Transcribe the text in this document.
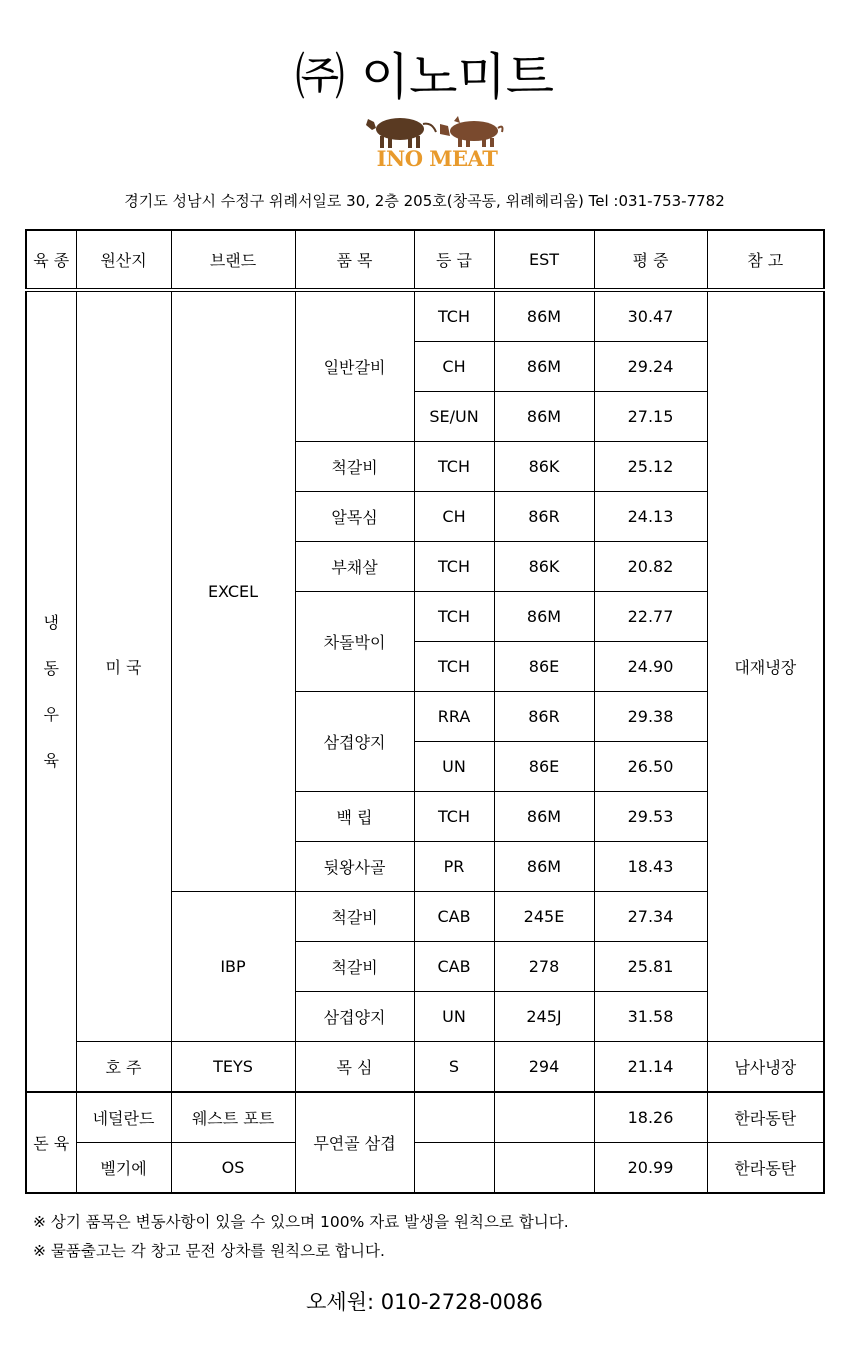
㈜ 이노미트
INO MEAT
경기도 성남시 수정구 위례서일로 30, 2층 205호(창곡동, 위례헤리움) Tel :031-753-7782
육 종	원산지	브랜드	품 목	등 급	EST	평 중	참 고

냉
동
우
육	미 국	EXCEL	일반갈비	TCH	86M	30.47	대재냉장
				CH	86M	29.24	
				SE/UN	86M	27.15	
			척갈비	TCH	86K	25.12	
			알목심	CH	86R	24.13	
			부채살	TCH	86K	20.82	
			차돌박이	TCH	86M	22.77	
				TCH	86E	24.90	
			삼겹양지	RRA	86R	29.38	
				UN	86E	26.50	
			백 립	TCH	86M	29.53	
			뒷왕사골	PR	86M	18.43	
		IBP	척갈비	CAB	245E	27.34	
			척갈비	CAB	278	25.81	
			삼겹양지	UN	245J	31.58	
	호 주	TEYS	목 심	S	294	21.14	남사냉장
돈 육	네덜란드	웨스트 포트	무연골 삼겹			18.26	한라동탄
	벨기에	OS				20.99	한라동탄
※ 상기 품목은 변동사항이 있을 수 있으며 100% 자료 발생을 원칙으로 합니다.
※ 물품출고는 각 창고 문전 상차를 원칙으로 합니다.
오세원: 010-2728-0086
